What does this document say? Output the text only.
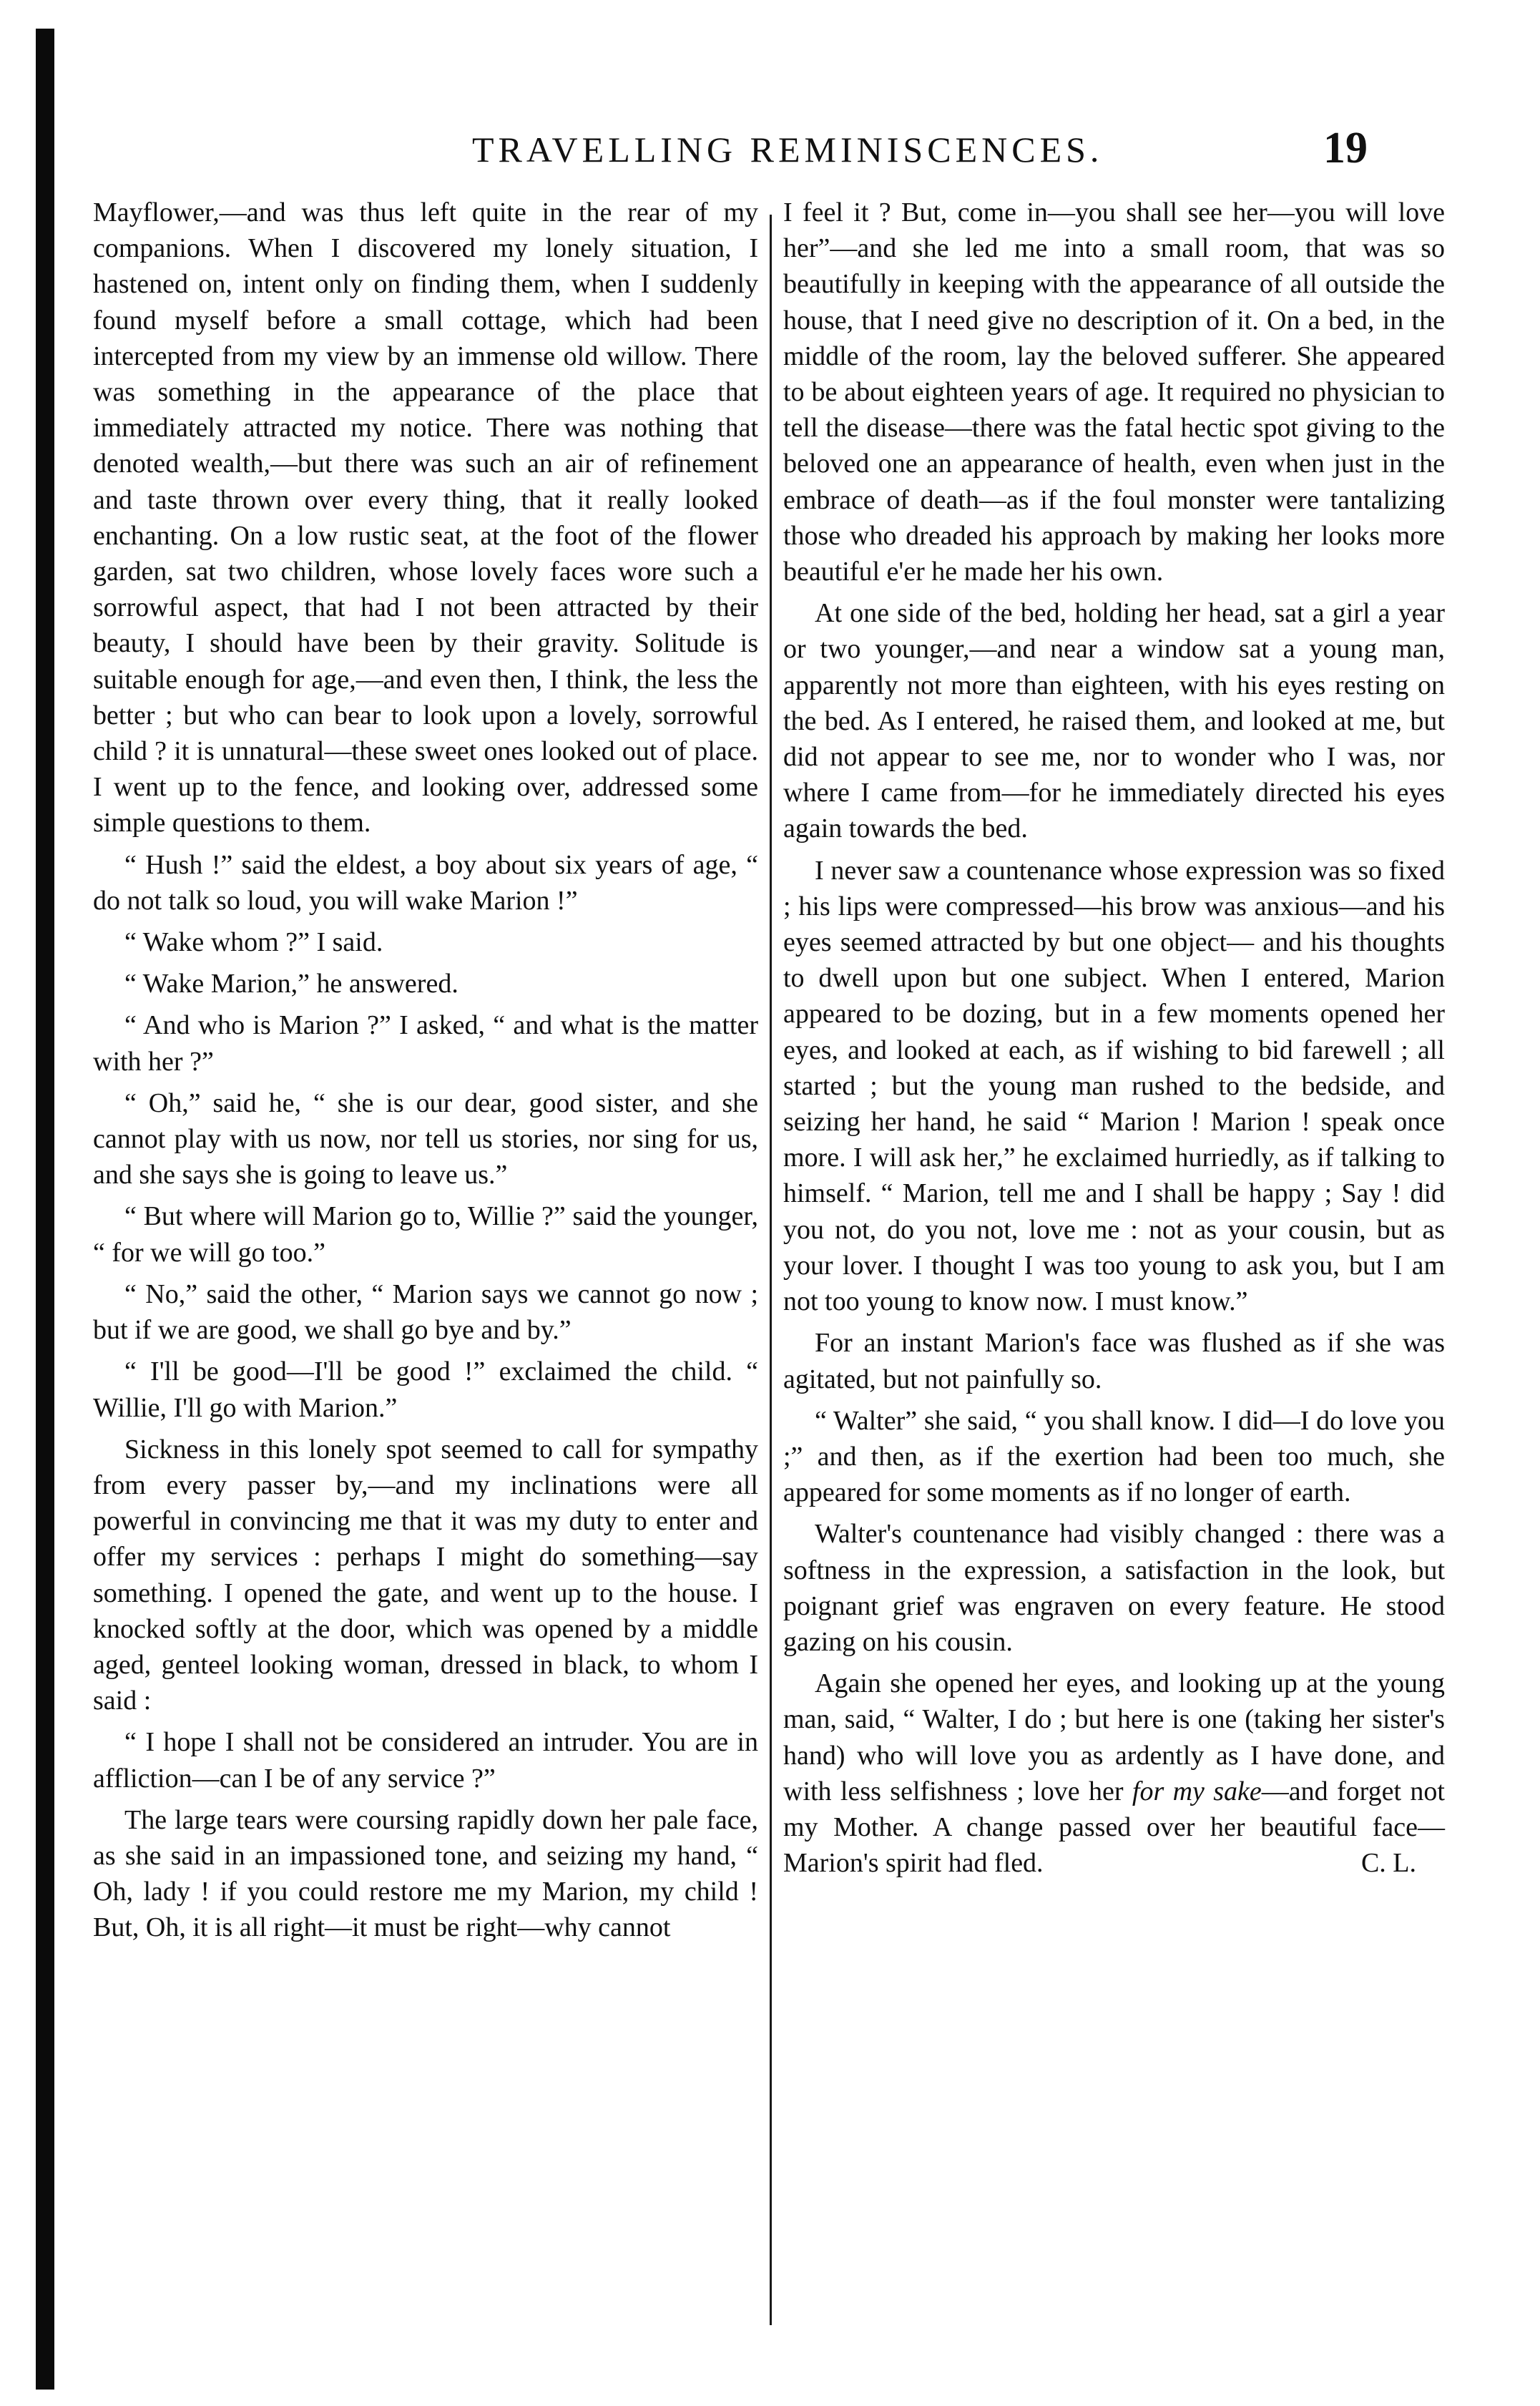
TRAVELLING REMINISCENCES.	19

Mayflower,—and was thus left quite in the rear of my companions. When I discovered my lonely situation, I hastened on, intent only on finding them, when I suddenly found myself before a small cottage, which had been intercepted from my view by an immense old willow. There was something in the appearance of the place that immediately attracted my notice. There was nothing that denoted wealth,—but there was such an air of refinement and taste thrown over every thing, that it really looked enchanting. On a low rustic seat, at the foot of the flower garden, sat two children, whose lovely faces wore such a sorrowful aspect, that had I not been attracted by their beauty, I should have been by their gravity. Solitude is suitable enough for age,—and even then, I think, the less the better ; but who can bear to look upon a lovely, sorrowful child ? it is unnatural—these sweet ones looked out of place. I went up to the fence, and looking over, addressed some simple questions to them.

“ Hush !” said the eldest, a boy about six years of age, “ do not talk so loud, you will wake Marion !”

“ Wake whom ?” I said.

“ Wake Marion,” he answered.

“ And who is Marion ?” I asked, “ and what is the matter with her ?”

“ Oh,” said he, “ she is our dear, good sister, and she cannot play with us now, nor tell us stories, nor sing for us, and she says she is going to leave us.”

“ But where will Marion go to, Willie ?” said the younger, “ for we will go too.”

“ No,” said the other, “ Marion says we cannot go now ; but if we are good, we shall go bye and by.”

“ I'll be good—I'll be good !” exclaimed the child. “ Willie, I'll go with Marion.”

Sickness in this lonely spot seemed to call for sympathy from every passer by,—and my inclinations were all powerful in convincing me that it was my duty to enter and offer my services : perhaps I might do something—say something. I opened the gate, and went up to the house. I knocked softly at the door, which was opened by a middle aged, genteel looking woman, dressed in black, to whom I said :

“ I hope I shall not be considered an intruder. You are in affliction—can I be of any service ?”

The large tears were coursing rapidly down her pale face, as she said in an impassioned tone, and seizing my hand, “ Oh, lady ! if you could restore me my Marion, my child ! But, Oh, it is all right—it must be right—why cannot

I feel it ? But, come in—you shall see her—you will love her”—and she led me into a small room, that was so beautifully in keeping with the appearance of all outside the house, that I need give no description of it. On a bed, in the middle of the room, lay the beloved sufferer. She appeared to be about eighteen years of age. It required no physician to tell the disease—there was the fatal hectic spot giving to the beloved one an appearance of health, even when just in the embrace of death—as if the foul monster were tantalizing those who dreaded his approach by making her looks more beautiful e'er he made her his own.

At one side of the bed, holding her head, sat a girl a year or two younger,—and near a window sat a young man, apparently not more than eighteen, with his eyes resting on the bed. As I entered, he raised them, and looked at me, but did not appear to see me, nor to wonder who I was, nor where I came from—for he immediately directed his eyes again towards the bed.

I never saw a countenance whose expression was so fixed ; his lips were compressed—his brow was anxious—and his eyes seemed attracted by but one object— and his thoughts to dwell upon but one subject. When I entered, Marion appeared to be dozing, but in a few moments opened her eyes, and looked at each, as if wishing to bid farewell ; all started ; but the young man rushed to the bedside, and seizing her hand, he said “ Marion ! Marion ! speak once more. I will ask her,” he exclaimed hurriedly, as if talking to himself. “ Marion, tell me and I shall be happy ; Say ! did you not, do you not, love me : not as your cousin, but as your lover. I thought I was too young to ask you, but I am not too young to know now. I must know.”

For an instant Marion's face was flushed as if she was agitated, but not painfully so.

“ Walter” she said, “ you shall know. I did—I do love you ;” and then, as if the exertion had been too much, she appeared for some moments as if no longer of earth.

Walter's countenance had visibly changed : there was a softness in the expression, a satisfaction in the look, but poignant grief was engraven on every feature. He stood gazing on his cousin.

Again she opened her eyes, and looking up at the young man, said, “ Walter, I do ; but here is one (taking her sister's hand) who will love you as ardently as I have done, and with less selfishness ; love her for my sake—and forget not my Mother. A change passed over her beautiful face—Marion's spirit had fled.	C. L.
